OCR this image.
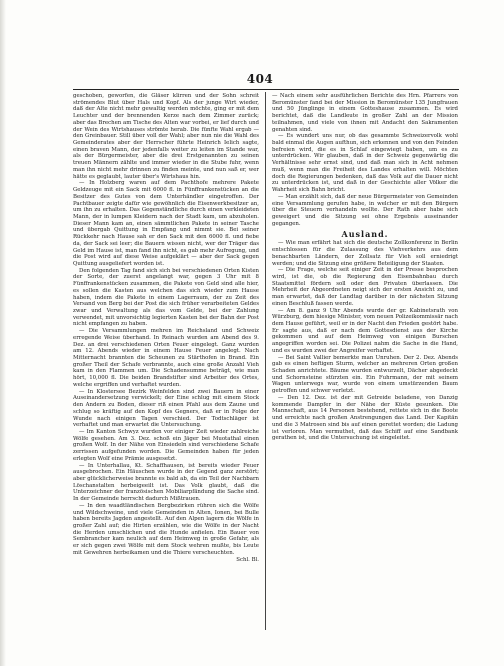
404

geschoben, geworfen, die Gläser klirren und der Sohn schreit strömendes Blut über Hals und Kopf. Als der junge Wirt wieder, daß der Alte nicht mehr gewaltig werden möchte, ging er mit dem Leuchter und der brennenden Kerze nach dem Zimmer zurück; aber das Brechen am Tische des Alten war vorbei, er lief durch und der Wein des Wirtshauses strömte herab. Die fünfte Wahl ergab — den Greinbauer. Still über voll der Wahl; aber nun nie die Wahl des Gemeinderates aber der Herrscher führte Heinrich Ielich sagte, einen braven Mann, der jedenfalls weiter zu leiten im Stande war, als der Bürgermeister, aber die drei Erstgenannten zu seinen treuen Männern zählte und immer wieder in die Stube fuhr, wenn man ihn nicht mehr drinnen zu finden meinte, und nun saß er, wer hätte es geglaubt, lauter über's Wirtshaus hin.

— In Holzberg waren auf dem Pachthofe mehrere Pakete Geldzeuge mit ein Sack mit 6000 fl. in Fünffrankenstücken an die Besitzer des Gutes von dem Unterhändler eingetroffen. Der Pachtbauer zeigte dafür wie gewöhnlich die Eisenwerkbesitzer an, um ihn zu erhalten. Das Gegenständliche durch einen verkleideten Mann, der in lumpen Kleidern nach der Stadt kam, um abzuholen. Dieser Mann kam an, einen sämmtlichen Pakete in seiner Tasche und übergab Quittung in Empfang und nimmt sie. Bei seiner Rückkehr nach Hause sah er den Sack mit den 6000 fl. und fiebe da, der Sack sei leer; die Bauern wissen nicht, wer der Träger das Geld im Hause ist, man fand ihn nicht, es gab mehr Aufregung, und die Post wird auf diese Weise aufgeklärt — aber der Sack gegen Quittung ausgeliefert worden ist.

Den folgenden Tag fand sich sich bei verschiedenen Orten Kisten der Sorte, der zuerst angelangt war, gegen 3 Uhr mit 8 Fünffrankenstücken zusammen, die Pakete von Geld sind alle hier, es sollen die Kasten aus welchen das sich wieder zum Hause haben, indem die Pakete in einem Lagerraum, der zu Zeit des Versand von Berg bei der Post die sich früher verarbeiteten Geldes zwar und Verwaltung als das vom Gelde, bei der Zahlung verwendet, mit unvorsichtig legierten Kasten bei der Bahn der Post nicht empfangen zu haben.

— Die Versammlungen mehren im Reichsland und Schweiz erregende Weise überhand. In Reinach wurden am Abend des 9. Dez. an drei verschiedenen Orten Feuer eingelegt. Ganz wurden am 12. Abends wieder in einem Hause Feuer angelegt. Nach Mitternacht brannten die Scheunen zu Stärthofen in Brand. Ein großer Theil der Schafe verbrannte, auch eine große Anzahl Vieh kam in den Flammen um. Die Schadensumme beträgt, wie man hört, 10,000 fl. Die beiden Brandstifter sind Arbeiter des Ortes, welche ergriffen und verhaftet wurden.

— In Klostersee Bezirk Weinfelden sind zwei Bauern in einer Auseinandersetzung verwickelt; der Eine schlug mit einem Stock den Andern zu Boden, dieser riß einen Pfahl aus dem Zaune und schlug so kräftig auf den Kopf des Gegners, daß er in Folge der Wunde nach einigen Tagen verschied. Der Todtschläger ist verhaftet und man erwartet die Untersuchung.

— Im Kanton Schwyz wurden vor einiger Zeit wieder zahlreiche Wölfe gesehen. Am 3. Dez. schoß ein Jäger bei Muotathal einen großen Wolf. In der Nähe von Einsiedeln sind verschiedene Schafe zerrissen aufgefunden worden. Die Gemeinden haben für jeden erlegten Wolf eine Prämie ausgesetzt.

— In Unterhallau, Kt. Schaffhausen, ist bereits wieder Feuer ausgebrochen. Ein Häuschen wurde in der Gegend ganz zerstört; aber glücklicherweise brannte es bald ab, da ein Teil der Nachbarn Löschanstalten herbeigeeilt ist. Das Volk glaubt, daß die Unterzeichner der französischen Mobiliarpfändung die Sache sind. In der Gemeinde herrscht dadurch Mißtrauen.

— In den waadtländischen Bergbezirken rühren sich die Wölfe und Wildschweine, und viele Gemeinden in Alten, Ionen, bei Bulle haben bereits Jagden angestellt. Auf den Alpen lagern die Wölfe in großer Zahl auf; die Hirten erzählen, wie die Wölfe in der Nacht die Herden umschlichen und die Hunde anfielen. Ein Bauer von Sembrancher kam neulich auf dem Heimweg in große Gefahr, als er sich gegen zwei Wölfe mit dem Stock wehren mußte, bis Leute mit Gewehren herbeikamen und die Thiere verscheuchten.

Schl. Bl.

— Nach einem sehr ausführlichen Berichte des Hrn. Pfarrers von Beromünster fand bei der Mission in Beromünster 135 Jungfrauen und 50 Jünglinge in einem Gotteshause zusammen. Es wird berichtet, daß die Landleute in großer Zahl an der Mission teilnahmen, und viele von ihnen mit Andacht den Sakramenten genahten sind.

— Es wundert uns nur, ob das gesammte Schweizervolk wohl bald einmal die Augen aufthun, sich erkennen und von den Feinden befreien wird, die es in Schlaf eingewiegt haben, um es zu unterdrücken. Wir glauben, daß in der Schweiz gegenwärtig die Verhältnisse sehr ernst sind, und daß man sich in Acht nehmen muß, wenn man die Freiheit des Landes erhalten will. Möchten doch die Regierungen bedenken, daß das Volk auf die Dauer nicht zu unterdrücken ist, und daß in der Geschichte aller Völker die Wahrheit sich Bahn bricht.

— Man erzählt sich, daß der neue Bürgermeister von Gemeinden eine Versammlung gerufen habe, in welcher er mit den Bürgern über die Steuern verhandeln wollte. Der Rath aber habe sich geweigert und die Sitzung sei ohne Ergebnis auseinander gegangen.

Ausland.

— Wie man erfährt hat sich die deutsche Zollkonferenz in Berlin entschlossen für die Zulassung des Viehverkehrs aus dem benachbarten Ländern, der Zollsatz für Vieh soll erniedrigt werden; und die Sitzung eine größere Beteiligung der Staaten.

— Die Frage, welche seit einiger Zeit in der Presse besprochen wird, ist die, ob die Regierung den Eisenbahnbau durch Staatsmittel fördern soll oder den Privaten überlassen. Die Mehrheit der Abgeordneten neigt sich der ersten Ansicht zu, und man erwartet, daß der Landtag darüber in der nächsten Sitzung einen Beschluß fassen werde.

— Am 8. ganz 9 Uhr Abends wurde der gr. Kabinetsrath von Würzburg, dem hiesige Minister, vom neuen Polizeikommissär nach dem Hause geführt, weil er in der Nacht den Frieden gestört habe. Er sagte aus, daß er nach dem Gottesdienst aus der Kirche gekommen und auf dem Heimweg von einigen Burschen angegriffen worden sei. Die Polizei nahm die Sache in die Hand, und es wurden zwei der Angreifer verhaftet.

— Bei Saint Vallier bemerkte man Unruhen. Der 2. Dez. Abends gab es einen heftigen Sturm, welcher an mehreren Orten großen Schaden anrichtete. Bäume wurden entwurzelt, Dächer abgedeckt und Schornsteine stürzten ein. Ein Fuhrmann, der mit seinem Wagen unterwegs war, wurde von einem umstürzenden Baum getroffen und schwer verletzt.

— Den 12. Dez. ist der mit Getreide beladene, von Danzig kommende Dampfer in der Nähe der Küste gesunken. Die Mannschaft, aus 14 Personen bestehend, rettete sich in die Boote und erreichte nach großen Anstrengungen das Land. Der Kapitän und die 3 Matrosen sind bis auf einen gerettet worden; die Ladung ist verloren. Man vermuthet, daß das Schiff auf eine Sandbank gerathen ist, und die Untersuchung ist eingeleitet.
